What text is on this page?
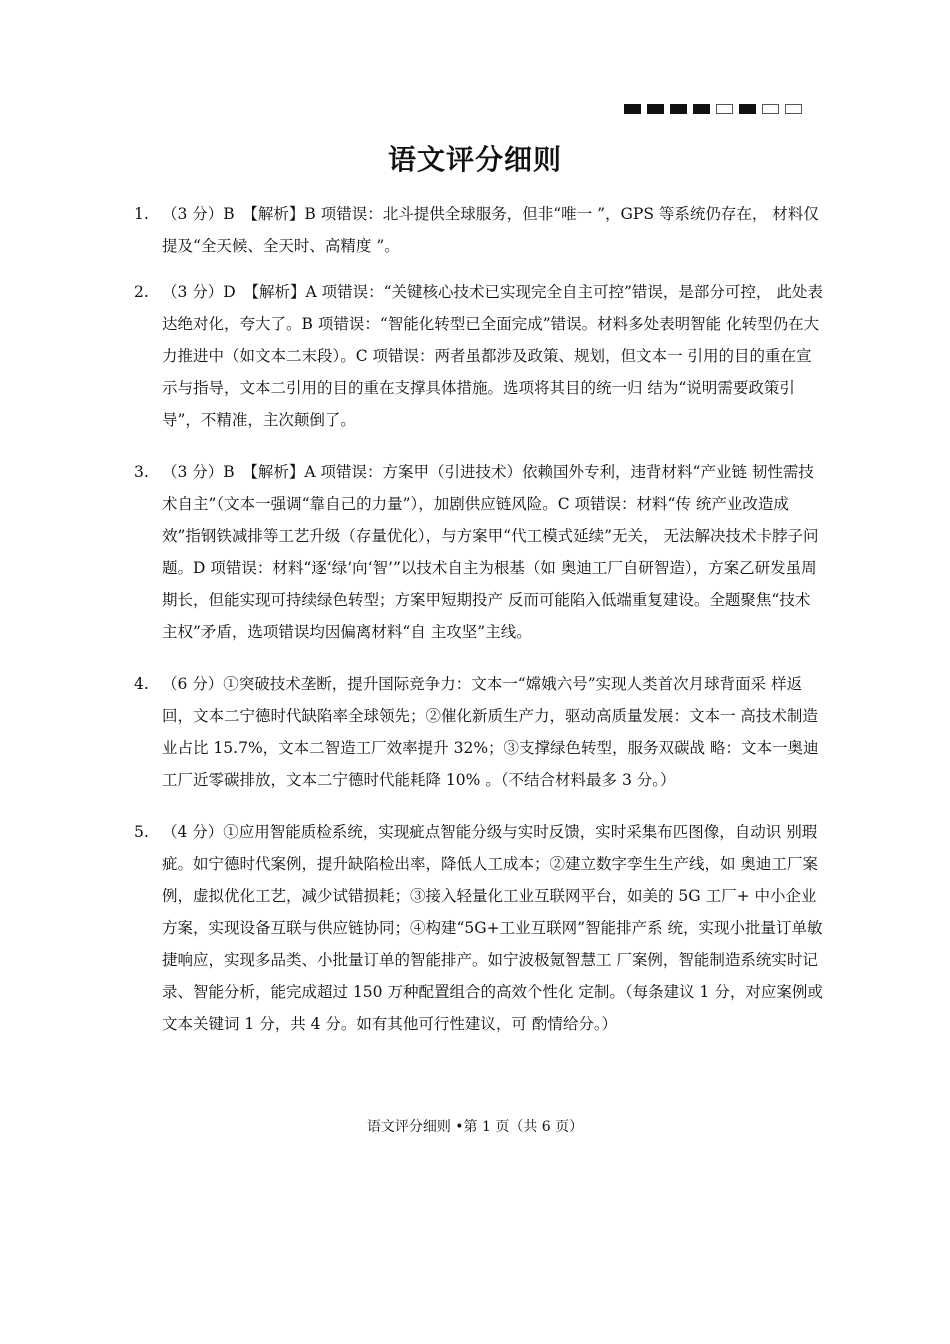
语文评分细则
1. （3 分）B　【解析】B 项错误：北斗提供全球服务，但非“唯一 ”，GPS 等系统仍存在， 材料仅提及“全天候、全天时、高精度 ”。
2. （3 分）D　【解析】A 项错误：“关键核心技术已实现完全自主可控”错误，是部分可控， 此处表达绝对化，夸大了。B 项错误：“智能化转型已全面完成”错误。材料多处表明智能 化转型仍在大力推进中（如文本二末段）。C 项错误：两者虽都涉及政策、规划，但文本一 引用的目的重在宣示与指导，文本二引用的目的重在支撑具体措施。选项将其目的统一归 结为“说明需要政策引导”，不精准，主次颠倒了。
3. （3 分）B　【解析】A 项错误：方案甲（引进技术）依赖国外专利，违背材料“产业链 韧性需技术自主”（文本一强调“靠自己的力量”），加剧供应链风险。C 项错误：材料“传 统产业改造成效”指钢铁减排等工艺升级（存量优化），与方案甲“代工模式延续”无关， 无法解决技术卡脖子问题。D 项错误：材料“逐‘绿’向‘智’”以技术自主为根基（如 奥迪工厂自研智造），方案乙研发虽周期长，但能实现可持续绿色转型；方案甲短期投产 反而可能陷入低端重复建设。全题聚焦“技术主权”矛盾，选项错误均因偏离材料“自 主攻坚”主线。
4. （6 分）①突破技术垄断，提升国际竞争力：文本一“嫦娥六号”实现人类首次月球背面采 样返回，文本二宁德时代缺陷率全球领先；②催化新质生产力，驱动高质量发展：文本一 高技术制造业占比 15.7%，文本二智造工厂效率提升 32%；③支撑绿色转型，服务双碳战 略：文本一奥迪工厂近零碳排放，文本二宁德时代能耗降 10% 。（不结合材料最多 3 分。）
5. （4 分）①应用智能质检系统，实现疵点智能分级与实时反馈，实时采集布匹图像，自动识 别瑕疵。如宁德时代案例，提升缺陷检出率，降低人工成本；②建立数字孪生生产线，如 奥迪工厂案例，虚拟优化工艺，减少试错损耗；③接入轻量化工业互联网平台，如美的 5G 工厂+ 中小企业方案，实现设备互联与供应链协同；④构建“5G+工业互联网”智能排产系 统，实现小批量订单敏捷响应，实现多品类、小批量订单的智能排产。如宁波极氪智慧工 厂案例，智能制造系统实时记录、智能分析，能完成超过 150 万种配置组合的高效个性化 定制。（每条建议 1 分，对应案例或文本关键词 1 分，共 4 分。如有其他可行性建议，可 酌情给分。）
语文评分细则 •第 1 页（共 6 页）
